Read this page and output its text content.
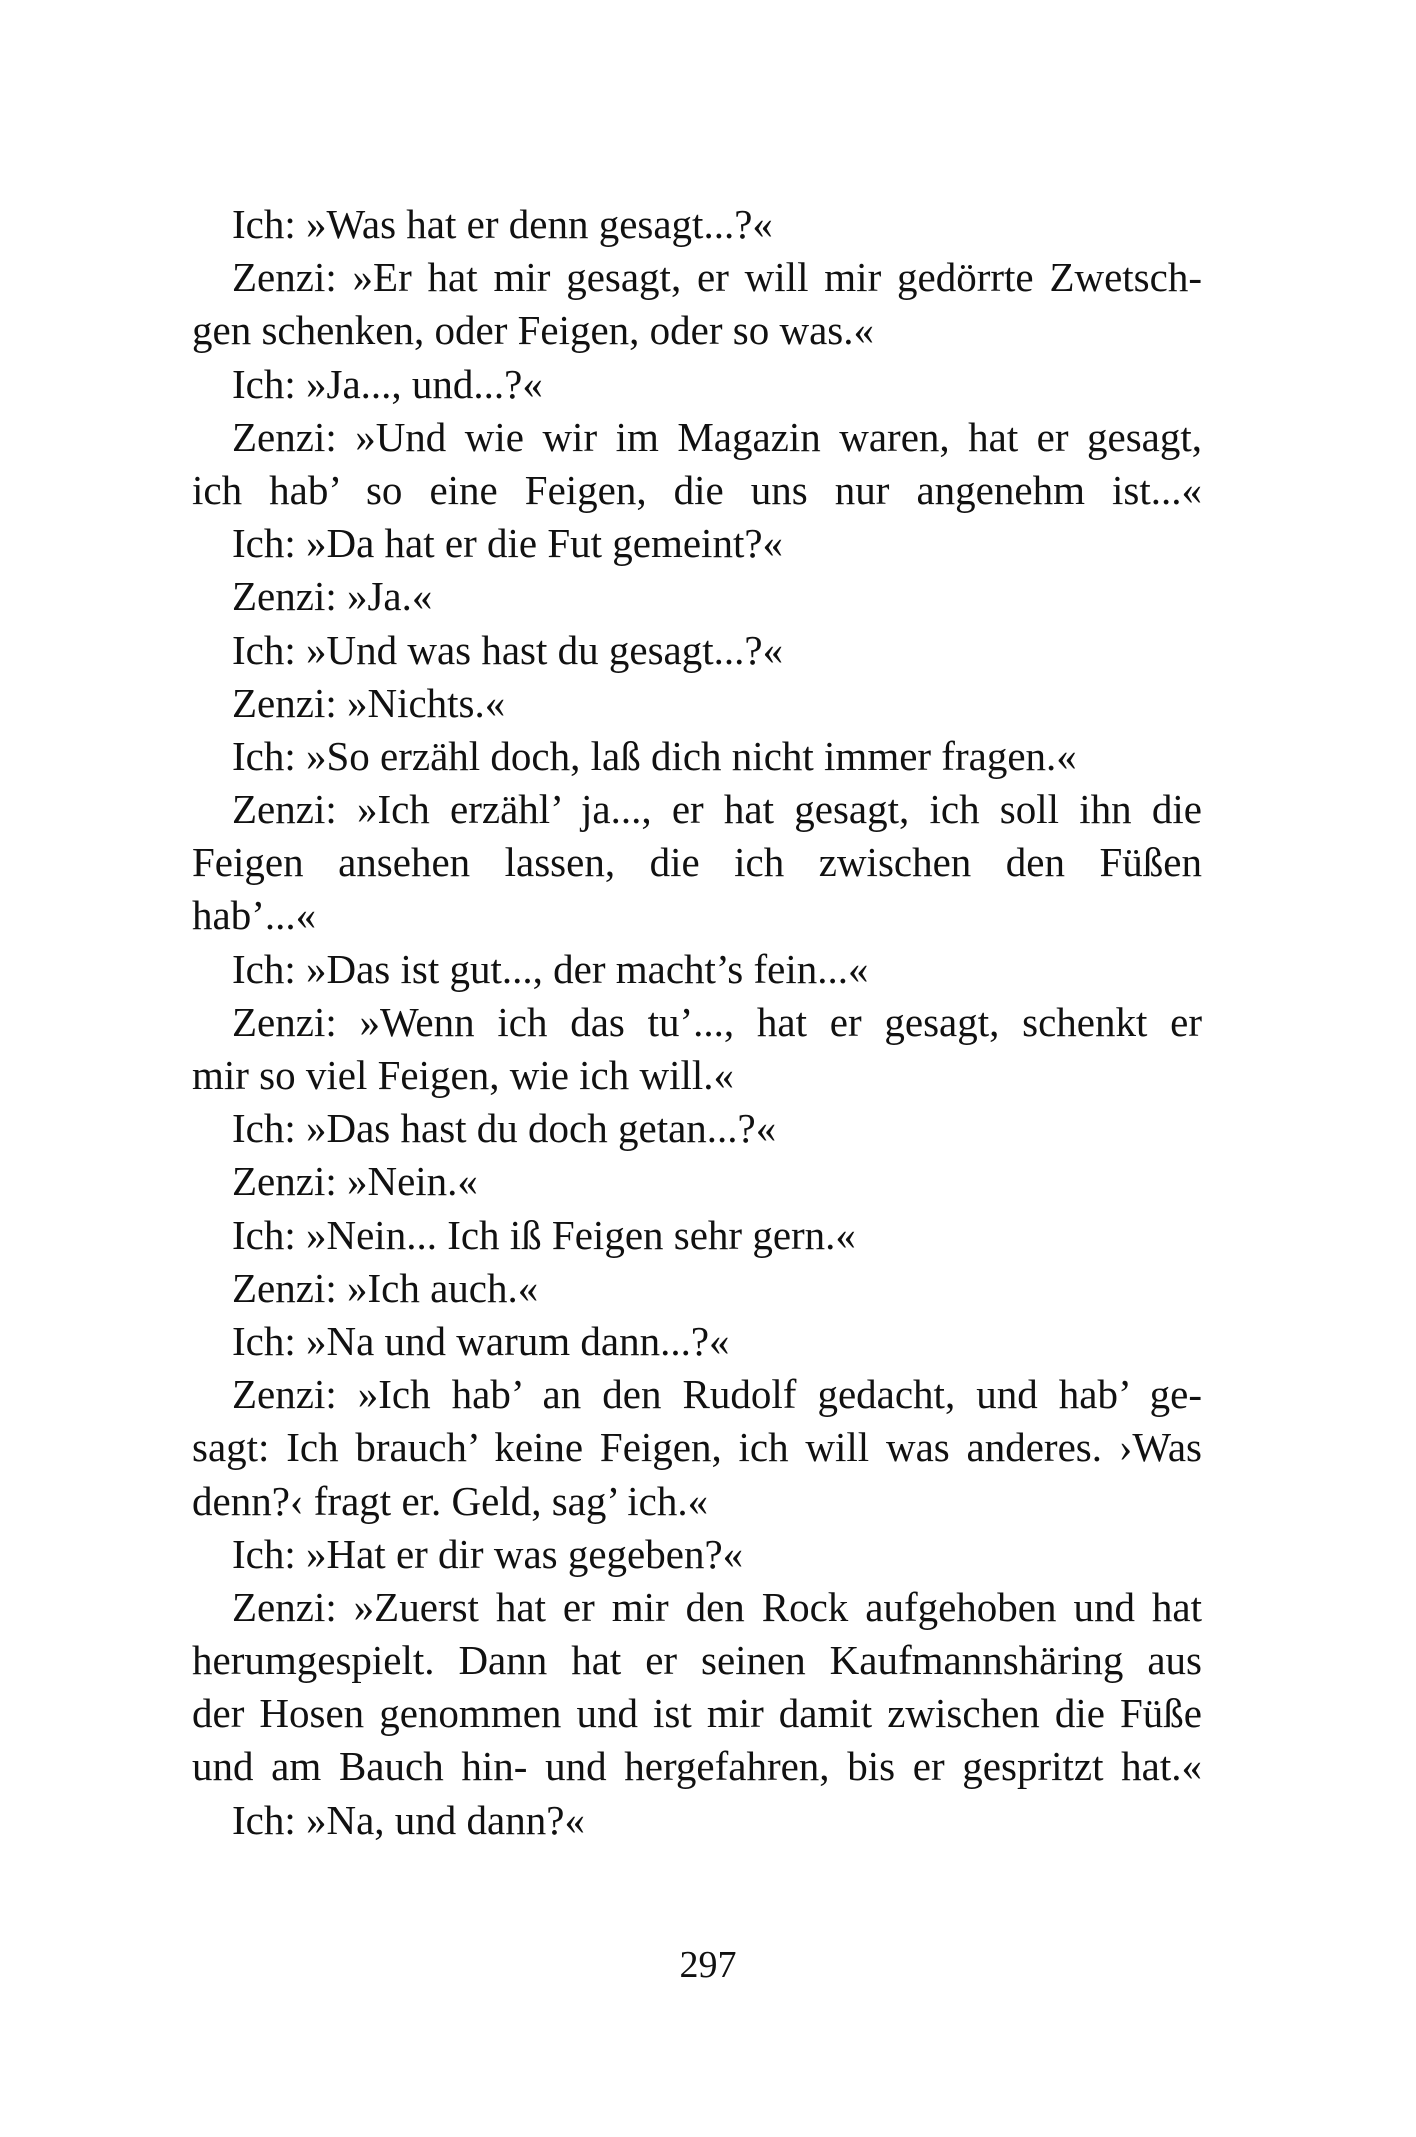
Ich: »Was hat er denn gesagt...?«
Zenzi: »Er hat mir gesagt, er will mir gedörrte Zwetsch-
gen schenken, oder Feigen, oder so was.«
Ich: »Ja..., und...?«
Zenzi: »Und wie wir im Magazin waren, hat er gesagt,
ich hab’ so eine Feigen, die uns nur angenehm ist...«
Ich: »Da hat er die Fut gemeint?«
Zenzi: »Ja.«
Ich: »Und was hast du gesagt...?«
Zenzi: »Nichts.«
Ich: »So erzähl doch, laß dich nicht immer fragen.«
Zenzi: »Ich erzähl’ ja..., er hat gesagt, ich soll ihn die
Feigen ansehen lassen, die ich zwischen den Füßen
hab’...«
Ich: »Das ist gut..., der macht’s fein...«
Zenzi: »Wenn ich das tu’..., hat er gesagt, schenkt er
mir so viel Feigen, wie ich will.«
Ich: »Das hast du doch getan...?«
Zenzi: »Nein.«
Ich: »Nein... Ich iß Feigen sehr gern.«
Zenzi: »Ich auch.«
Ich: »Na und warum dann...?«
Zenzi: »Ich hab’ an den Rudolf gedacht, und hab’ ge-
sagt: Ich brauch’ keine Feigen, ich will was anderes. ›Was
denn?‹ fragt er. Geld, sag’ ich.«
Ich: »Hat er dir was gegeben?«
Zenzi: »Zuerst hat er mir den Rock aufgehoben und hat
herumgespielt. Dann hat er seinen Kaufmannshäring aus
der Hosen genommen und ist mir damit zwischen die Füße
und am Bauch hin- und hergefahren, bis er gespritzt hat.«
Ich: »Na, und dann?«
297
